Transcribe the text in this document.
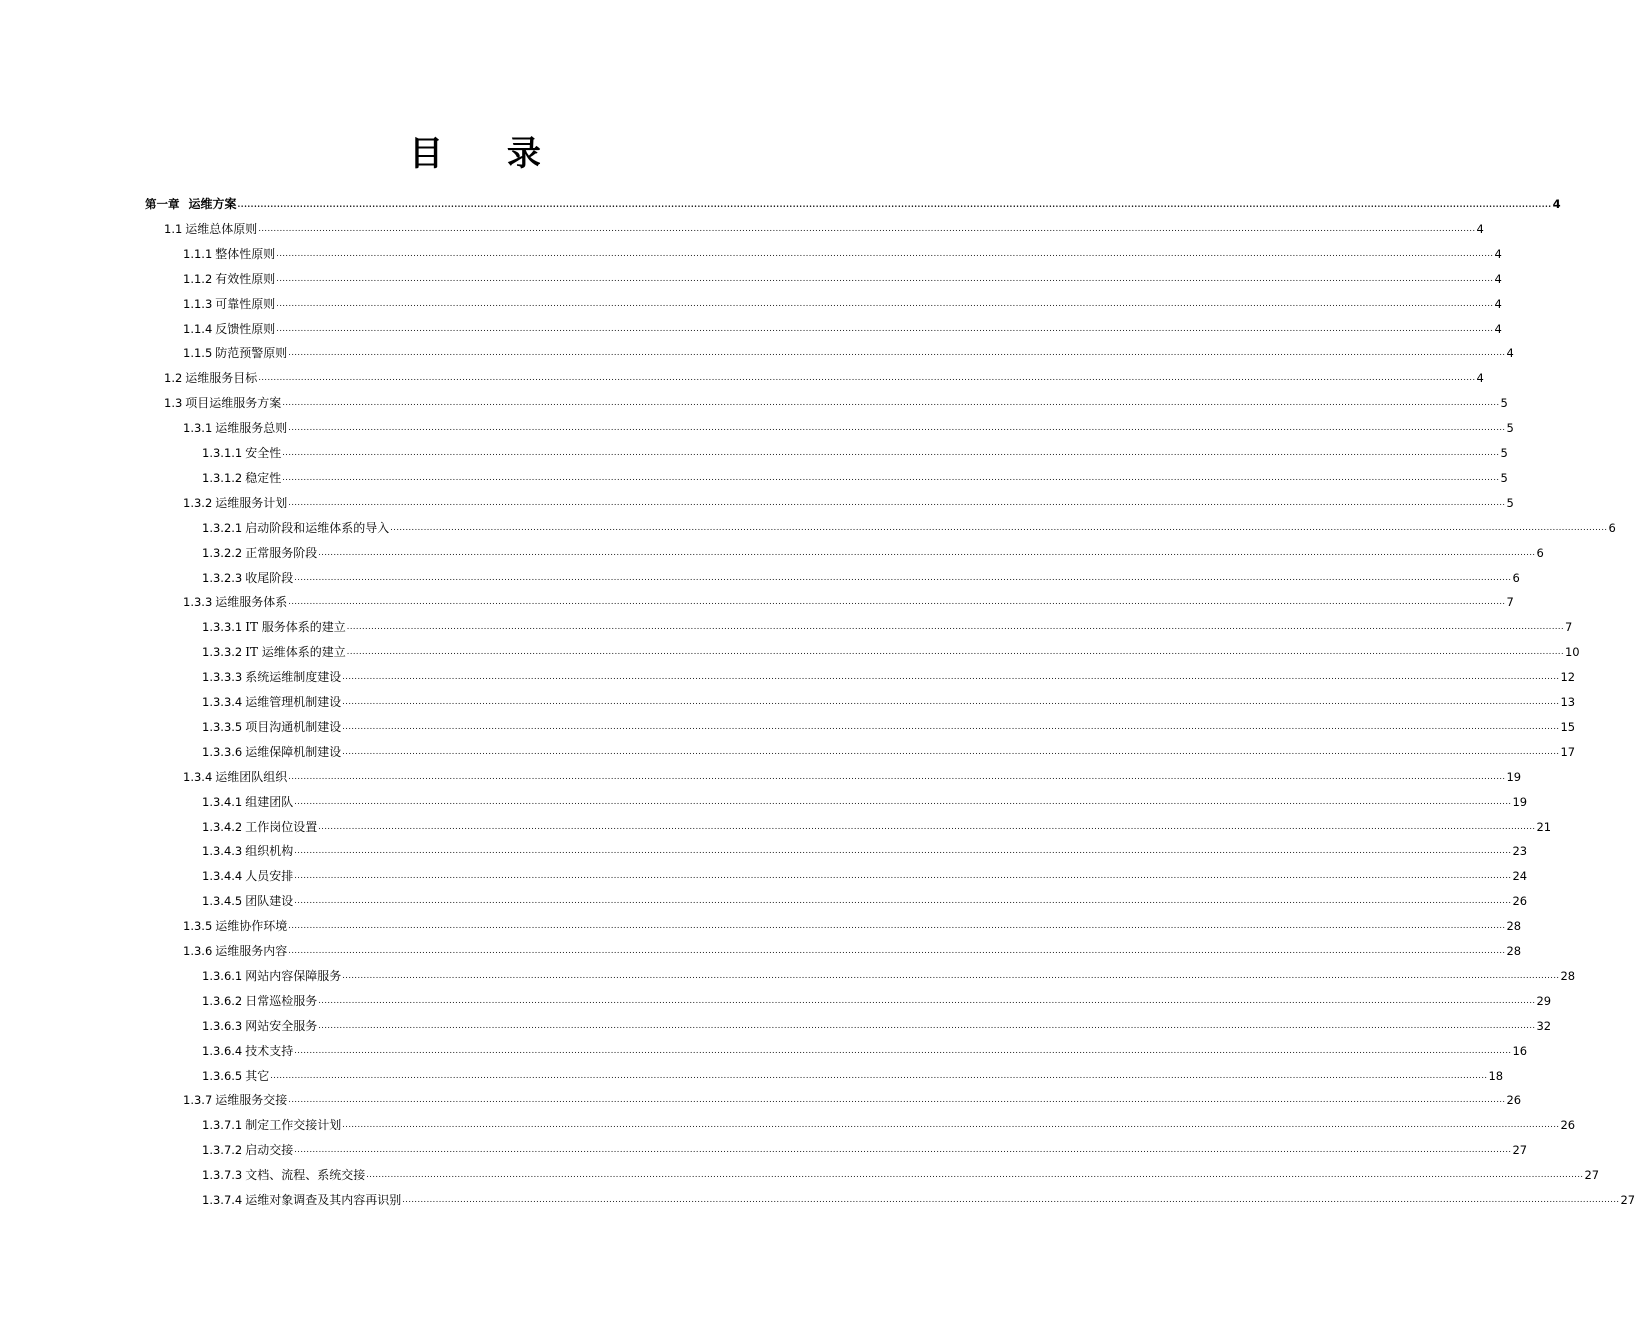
目 录
第一章 运维方案 ................................................................................................................................................................................................................................................................................................................................................................................................................ 4
1.1 运维总体原则 ................................................................................................................................................................................................................................................................................................................................................................................................................ 4
1.1.1 整体性原则 ................................................................................................................................................................................................................................................................................................................................................................................................................ 4
1.1.2 有效性原则 ................................................................................................................................................................................................................................................................................................................................................................................................................ 4
1.1.3 可靠性原则 ................................................................................................................................................................................................................................................................................................................................................................................................................ 4
1.1.4 反馈性原则 ................................................................................................................................................................................................................................................................................................................................................................................................................ 4
1.1.5 防范预警原则 ................................................................................................................................................................................................................................................................................................................................................................................................................ 4
1.2 运维服务目标 ................................................................................................................................................................................................................................................................................................................................................................................................................ 4
1.3 项目运维服务方案 ................................................................................................................................................................................................................................................................................................................................................................................................................ 5
1.3.1 运维服务总则 ................................................................................................................................................................................................................................................................................................................................................................................................................ 5
1.3.1.1 安全性 ................................................................................................................................................................................................................................................................................................................................................................................................................ 5
1.3.1.2 稳定性 ................................................................................................................................................................................................................................................................................................................................................................................................................ 5
1.3.2 运维服务计划 ................................................................................................................................................................................................................................................................................................................................................................................................................ 5
1.3.2.1 启动阶段和运维体系的导入 ................................................................................................................................................................................................................................................................................................................................................................................................................ 6
1.3.2.2 正常服务阶段 ................................................................................................................................................................................................................................................................................................................................................................................................................ 6
1.3.2.3 收尾阶段 ................................................................................................................................................................................................................................................................................................................................................................................................................ 6
1.3.3 运维服务体系 ................................................................................................................................................................................................................................................................................................................................................................................................................ 7
1.3.3.1 IT 服务体系的建立 ................................................................................................................................................................................................................................................................................................................................................................................................................ 7
1.3.3.2 IT 运维体系的建立 ................................................................................................................................................................................................................................................................................................................................................................................................................ 10
1.3.3.3 系统运维制度建设 ................................................................................................................................................................................................................................................................................................................................................................................................................ 12
1.3.3.4 运维管理机制建设 ................................................................................................................................................................................................................................................................................................................................................................................................................ 13
1.3.3.5 项目沟通机制建设 ................................................................................................................................................................................................................................................................................................................................................................................................................ 15
1.3.3.6 运维保障机制建设 ................................................................................................................................................................................................................................................................................................................................................................................................................ 17
1.3.4 运维团队组织 ................................................................................................................................................................................................................................................................................................................................................................................................................ 19
1.3.4.1 组建团队 ................................................................................................................................................................................................................................................................................................................................................................................................................ 19
1.3.4.2 工作岗位设置 ................................................................................................................................................................................................................................................................................................................................................................................................................ 21
1.3.4.3 组织机构 ................................................................................................................................................................................................................................................................................................................................................................................................................ 23
1.3.4.4 人员安排 ................................................................................................................................................................................................................................................................................................................................................................................................................ 24
1.3.4.5 团队建设 ................................................................................................................................................................................................................................................................................................................................................................................................................ 26
1.3.5 运维协作环境 ................................................................................................................................................................................................................................................................................................................................................................................................................ 28
1.3.6 运维服务内容 ................................................................................................................................................................................................................................................................................................................................................................................................................ 28
1.3.6.1 网站内容保障服务 ................................................................................................................................................................................................................................................................................................................................................................................................................ 28
1.3.6.2 日常巡检服务 ................................................................................................................................................................................................................................................................................................................................................................................................................ 29
1.3.6.3 网站安全服务 ................................................................................................................................................................................................................................................................................................................................................................................................................ 32
1.3.6.4 技术支持 ................................................................................................................................................................................................................................................................................................................................................................................................................ 16
1.3.6.5 其它 ................................................................................................................................................................................................................................................................................................................................................................................................................ 18
1.3.7 运维服务交接 ................................................................................................................................................................................................................................................................................................................................................................................................................ 26
1.3.7.1 制定工作交接计划 ................................................................................................................................................................................................................................................................................................................................................................................................................ 26
1.3.7.2 启动交接 ................................................................................................................................................................................................................................................................................................................................................................................................................ 27
1.3.7.3 文档、流程、系统交接 ................................................................................................................................................................................................................................................................................................................................................................................................................ 27
1.3.7.4 运维对象调查及其内容再识别 ................................................................................................................................................................................................................................................................................................................................................................................................................ 27
